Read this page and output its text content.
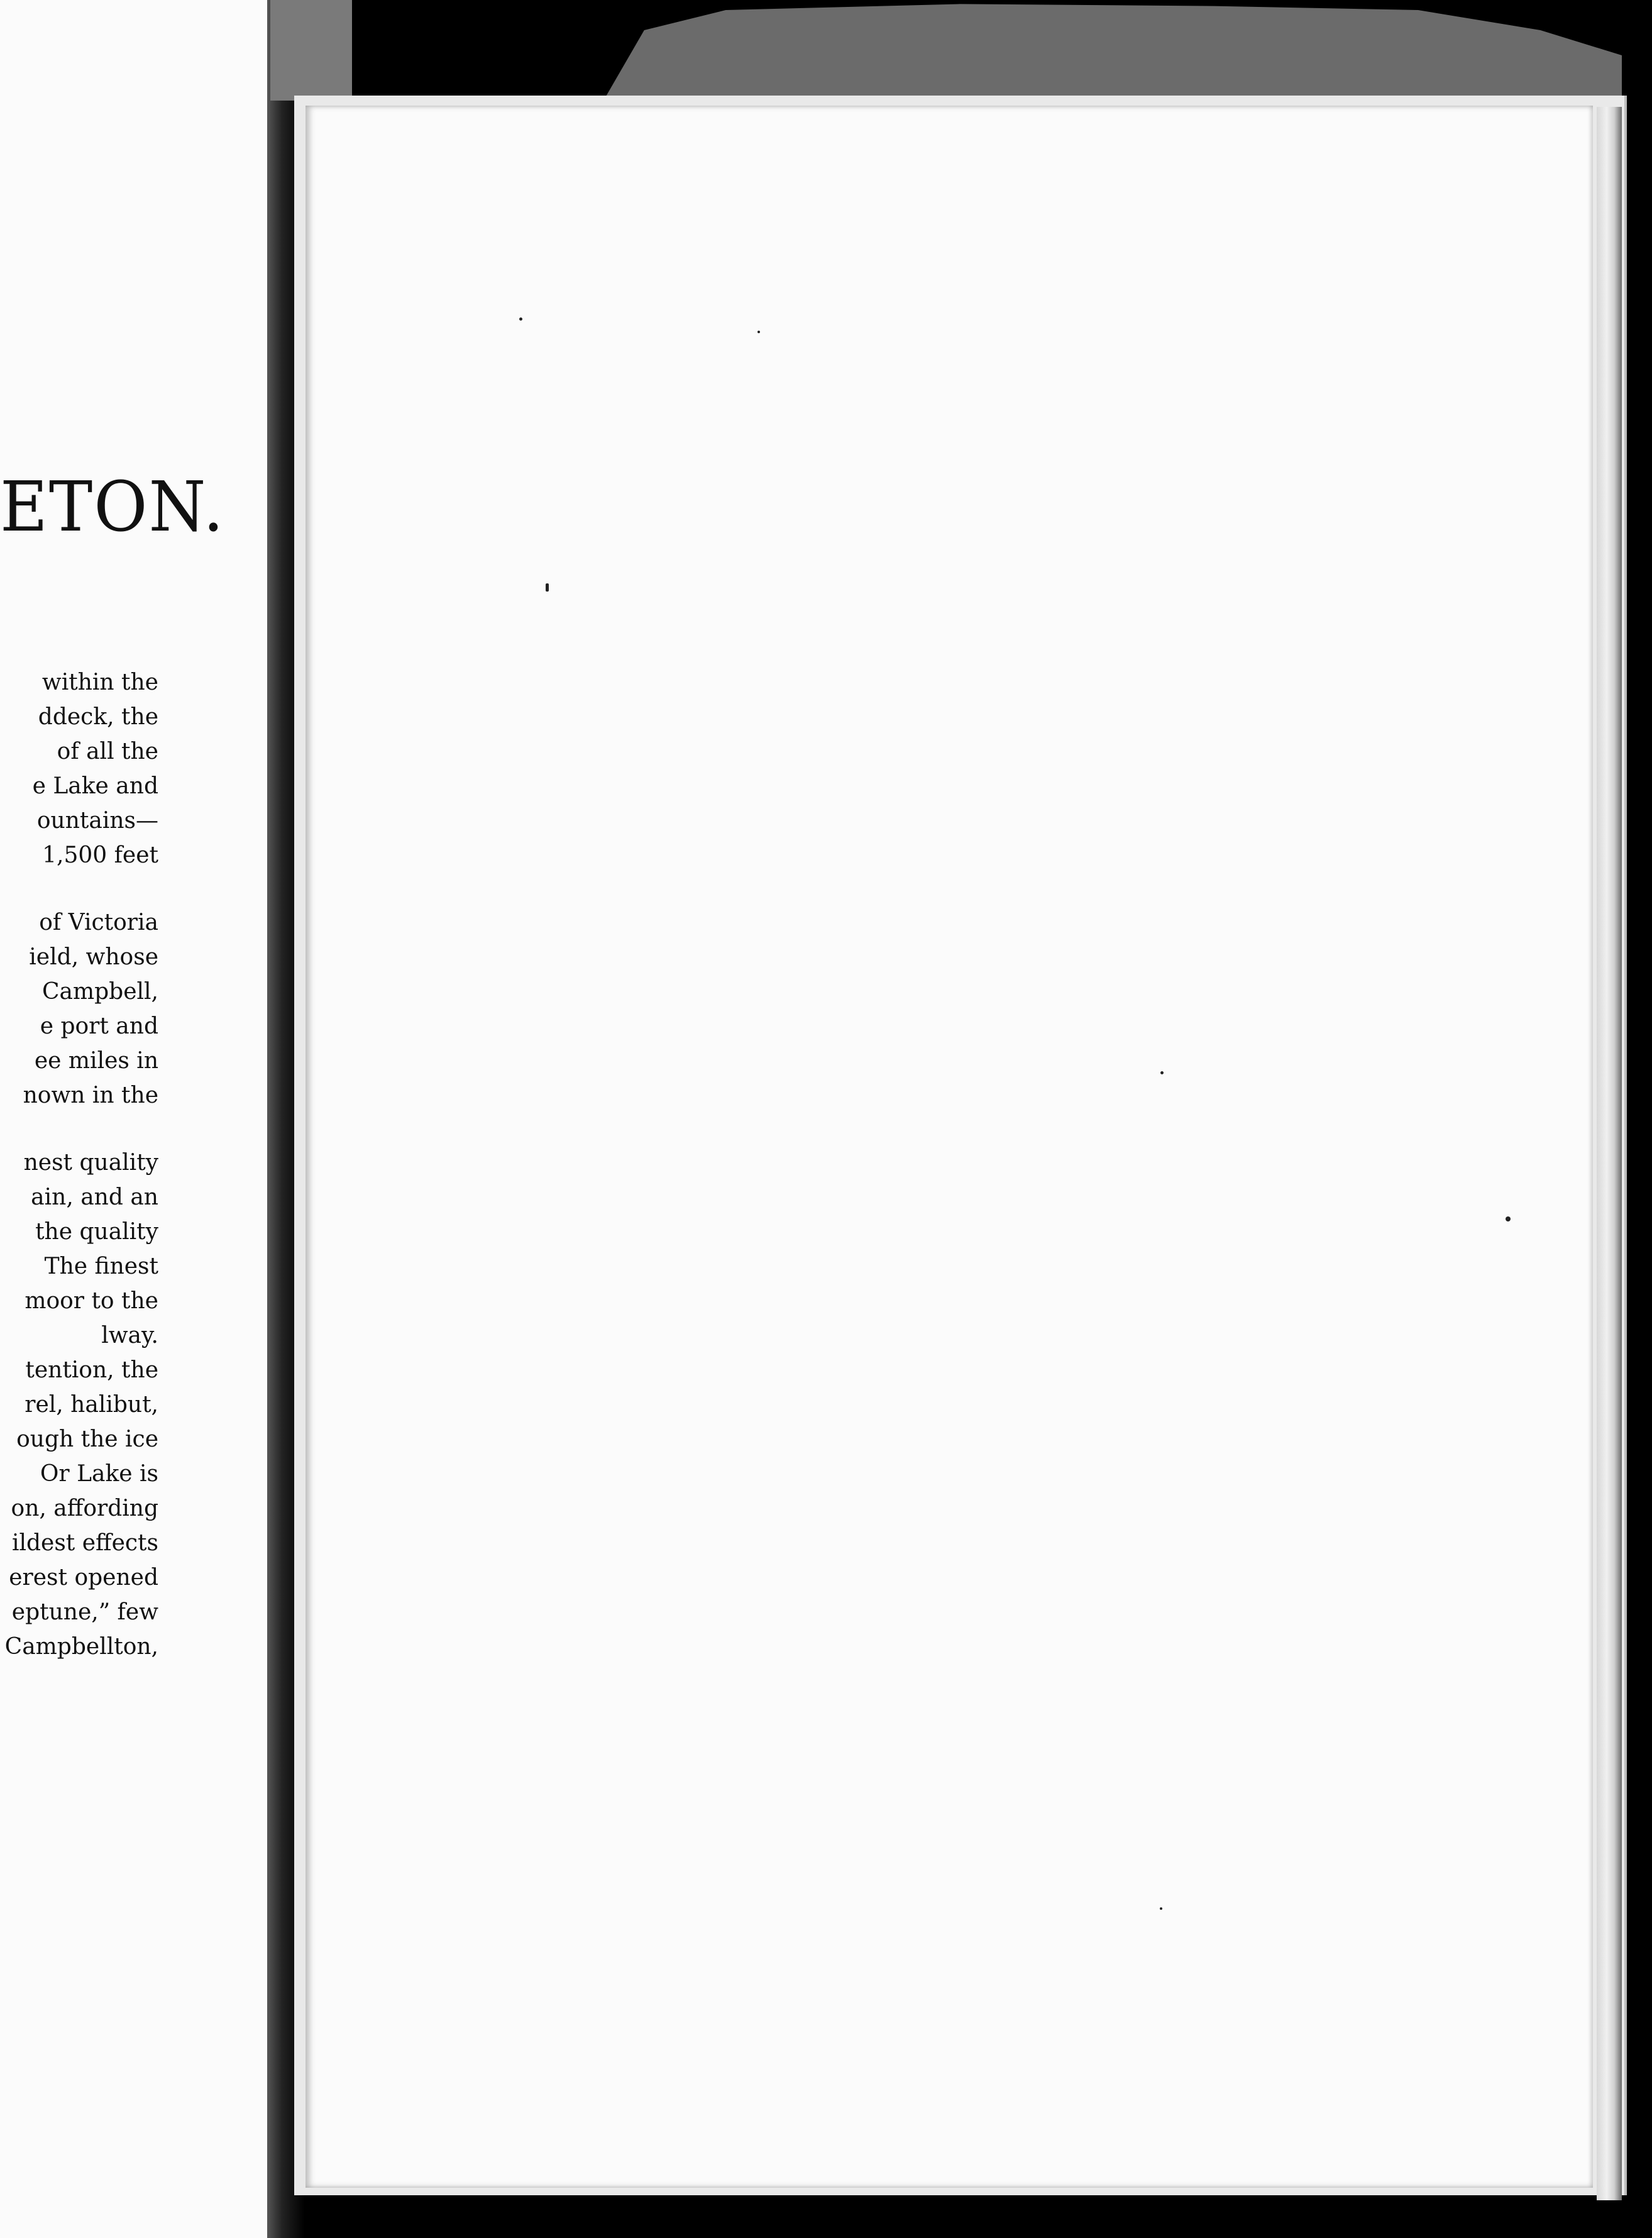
ETON.
within the
ddeck, the
of all the
e Lake and
ountains—
1,500 feet
of Victoria
ield, whose
Campbell,
e port and
ee miles in
nown in the
nest quality
ain, and an
the quality
The finest
moor to the
lway.
tention, the
rel, halibut,
ough the ice
Or Lake is
on, affording
ildest effects
erest opened
eptune,” few
Campbellton,
